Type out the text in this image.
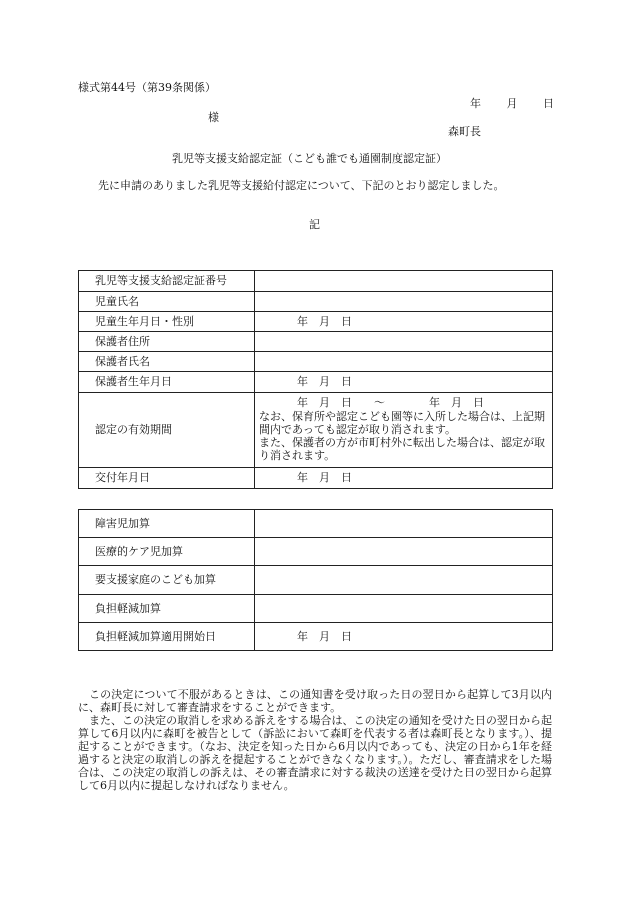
様式第44号（第39条関係）
年 月 日
様
森町長
乳児等支援支給認定証（こども誰でも通園制度認定証）
先に申請のありました乳児等支援給付認定について、下記のとおり認定しました。
記
乳児等支援支給認定証番号	
児童氏名	
児童生年月日・性別	年　月　日
保護者住所	
保護者氏名	
保護者生年月日	年　月　日
認定の有効期間	年　月　日　　～　　　　年　月　日
なお、保育所や認定こども園等に入所した場合は、上記期間内であっても認定が取り消されます。
また、保護者の方が市町村外に転出した場合は、認定が取り消されます。

交付年月日	年　月　日
障害児加算	
医療的ケア児加算	
要支援家庭のこども加算	
負担軽減加算	
負担軽減加算適用開始日	年　月　日

この決定について不服があるときは、この通知書を受け取った日の翌日から起算して3月以内に、森町長に対して審査請求をすることができます。

また、この決定の取消しを求める訴えをする場合は、この決定の通知を受けた日の翌日から起算して6月以内に森町を被告として（訴訟において森町を代表する者は森町長となります。）、提起することができます。（なお、決定を知った日から6月以内であっても、決定の日から1年を経過すると決定の取消しの訴えを提起することができなくなります。）。ただし、審査請求をした場合は、この決定の取消しの訴えは、その審査請求に対する裁決の送達を受けた日の翌日から起算して6月以内に提起しなければなりません。
